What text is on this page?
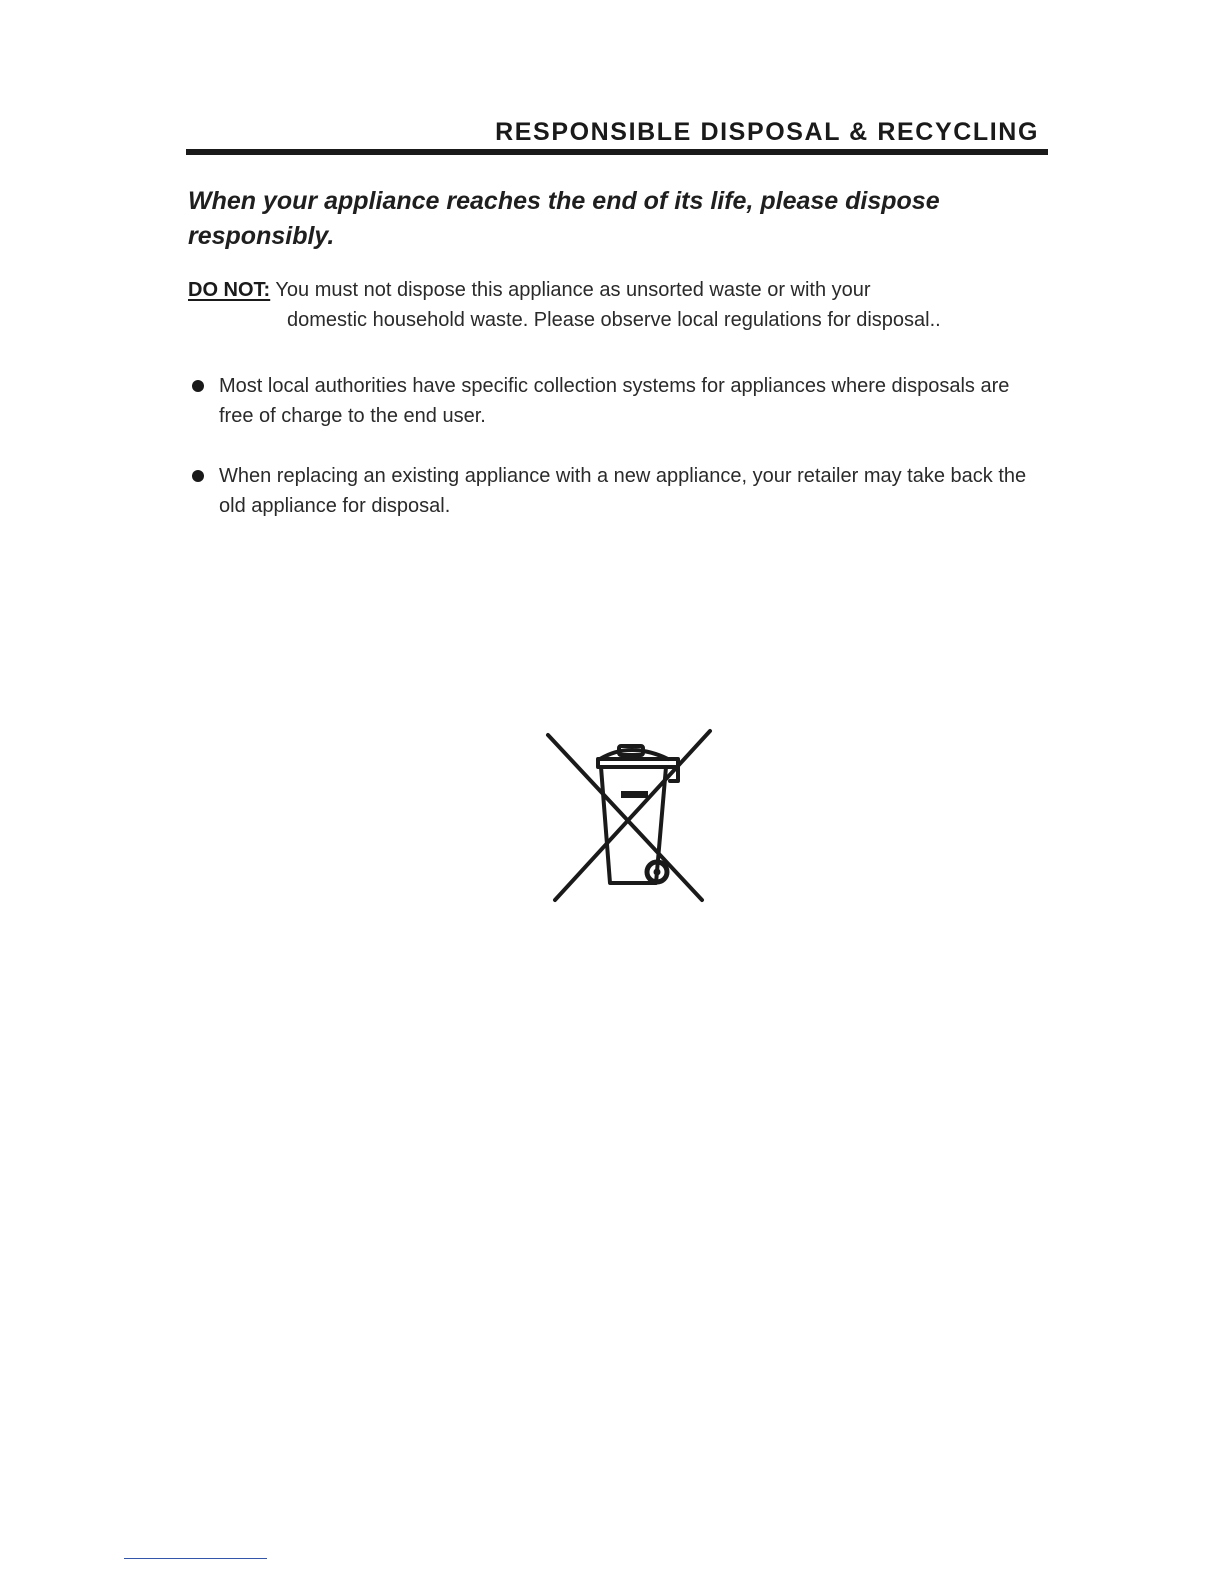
RESPONSIBLE DISPOSAL & RECYCLING

When your appliance reaches the end of its life, please dispose responsibly.

DO NOT: You must not dispose this appliance as unsorted waste or with your
domestic household waste. Please observe local regulations for disposal..
Most local authorities have specific collection systems for appliances where disposals are free of charge to the end user.
When replacing an existing appliance with a new appliance, your retailer may take back the old appliance for disposal.
